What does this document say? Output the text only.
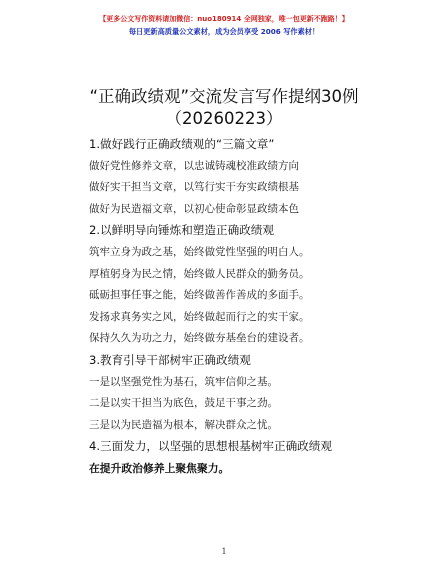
【更多公文写作资料请加微信：nuo180914 全网独家，唯一包更新不跑路！】
每日更新高质量公文素材，成为会员享受 2006 写作素材！
“正确政绩观”交流发言写作提纲30例
（20260223）
1.做好践行正确政绩观的“三篇文章”
做好党性修养文章，以忠诚铸魂校准政绩方向
做好实干担当文章，以笃行实干夯实政绩根基
做好为民造福文章，以初心使命彰显政绩本色
2.以鲜明导向锤炼和塑造正确政绩观
筑牢立身为政之基，始终做党性坚强的明白人。
厚植躬身为民之情，始终做人民群众的勤务员。
砥砺担事任事之能，始终做善作善成的多面手。
发扬求真务实之风，始终做起而行之的实干家。
保持久久为功之力，始终做夯基垒台的建设者。
3.教育引导干部树牢正确政绩观
一是以坚强党性为基石，筑牢信仰之基。
二是以实干担当为底色，鼓足干事之劲。
三是以为民造福为根本，解决群众之忧。
4.三面发力，以坚强的思想根基树牢正确政绩观
在提升政治修养上聚焦聚力。
1
